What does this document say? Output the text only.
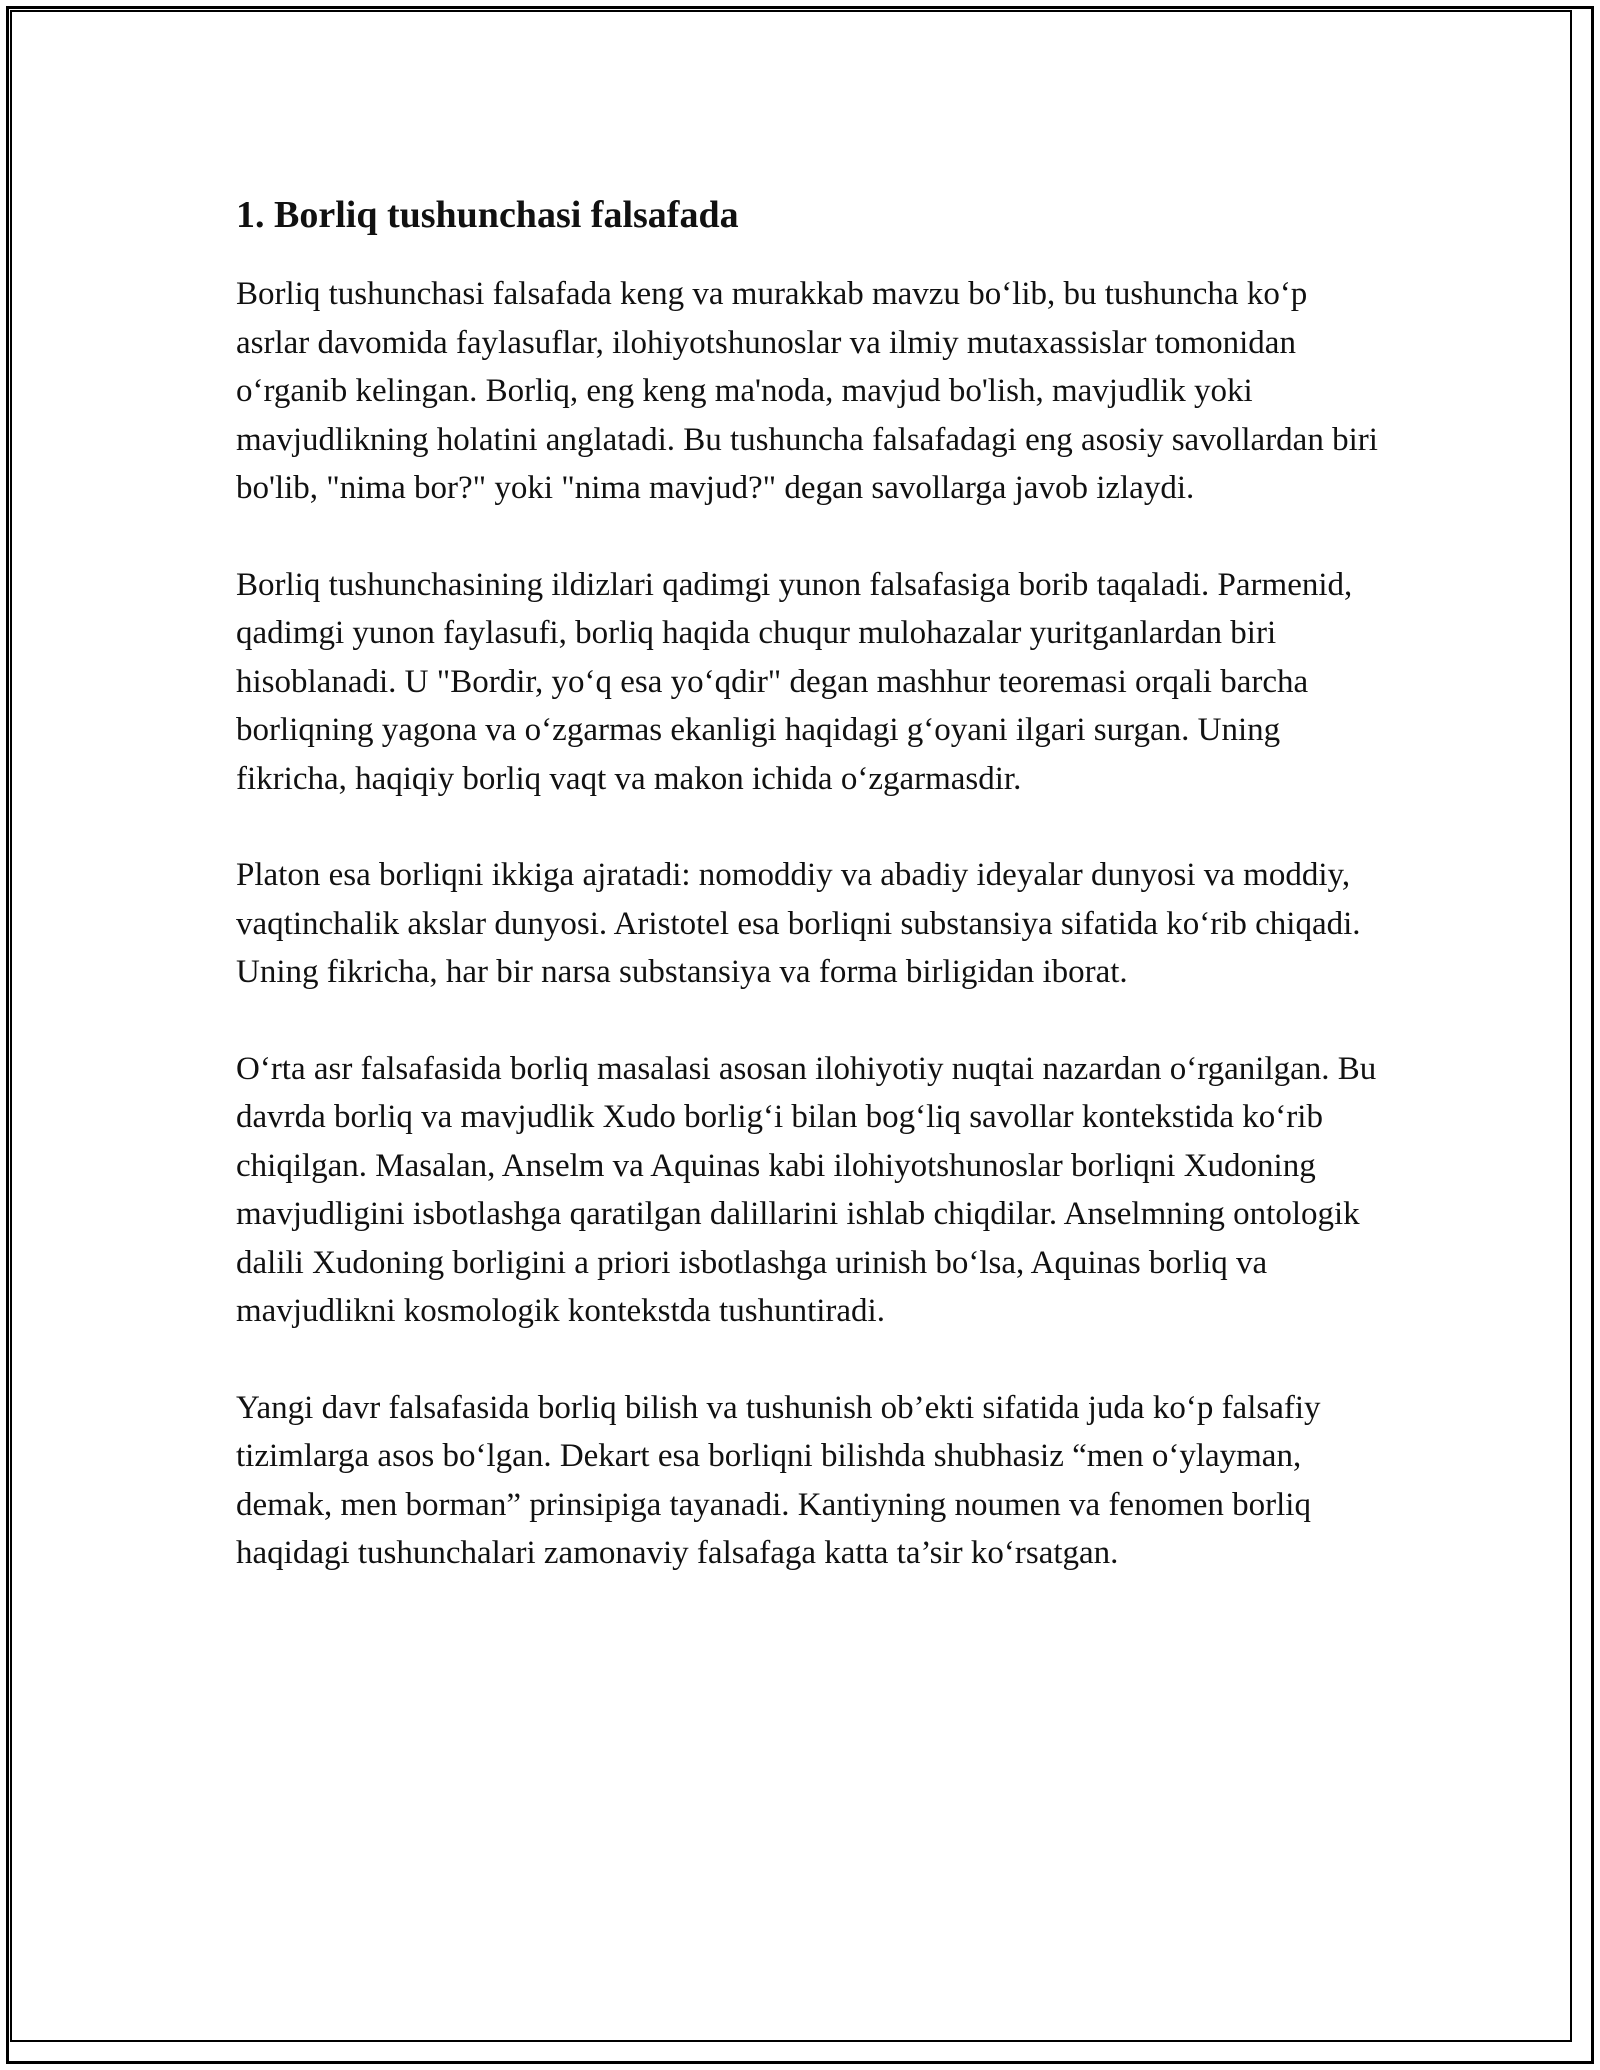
1. Borliq tushunchasi falsafada

Borliq tushunchasi falsafada keng va murakkab mavzu bo‘lib, bu tushuncha ko‘p asrlar davomida faylasuflar, ilohiyotshunoslar va ilmiy mutaxassislar tomonidan o‘rganib kelingan. Borliq, eng keng ma'noda, mavjud bo'lish, mavjudlik yoki mavjudlikning holatini anglatadi. Bu tushuncha falsafadagi eng asosiy savollardan biri bo'lib, "nima bor?" yoki "nima mavjud?" degan savollarga javob izlaydi.

Borliq tushunchasining ildizlari qadimgi yunon falsafasiga borib taqaladi. Parmenid, qadimgi yunon faylasufi, borliq haqida chuqur mulohazalar yuritganlardan biri hisoblanadi. U "Bordir, yo‘q esa yo‘qdir" degan mashhur teoremasi orqali barcha borliqning yagona va o‘zgarmas ekanligi haqidagi g‘oyani ilgari surgan. Uning fikricha, haqiqiy borliq vaqt va makon ichida o‘zgarmasdir.

Platon esa borliqni ikkiga ajratadi: nomoddiy va abadiy ideyalar dunyosi va moddiy, vaqtinchalik akslar dunyosi. Aristotel esa borliqni substansiya sifatida ko‘rib chiqadi. Uning fikricha, har bir narsa substansiya va forma birligidan iborat.

O‘rta asr falsafasida borliq masalasi asosan ilohiyotiy nuqtai nazardan o‘rganilgan. Bu davrda borliq va mavjudlik Xudo borlig‘i bilan bog‘liq savollar kontekstida ko‘rib chiqilgan. Masalan, Anselm va Aquinas kabi ilohiyotshunoslar borliqni Xudoning mavjudligini isbotlashga qaratilgan dalillarini ishlab chiqdilar. Anselmning ontologik dalili Xudoning borligini a priori isbotlashga urinish bo‘lsa, Aquinas borliq va mavjudlikni kosmologik kontekstda tushuntiradi.

Yangi davr falsafasida borliq bilish va tushunish ob’ekti sifatida juda ko‘p falsafiy tizimlarga asos bo‘lgan. Dekart esa borliqni bilishda shubhasiz “men o‘ylayman, demak, men borman” prinsipiga tayanadi. Kantiyning noumen va fenomen borliq haqidagi tushunchalari zamonaviy falsafaga katta ta’sir ko‘rsatgan.
